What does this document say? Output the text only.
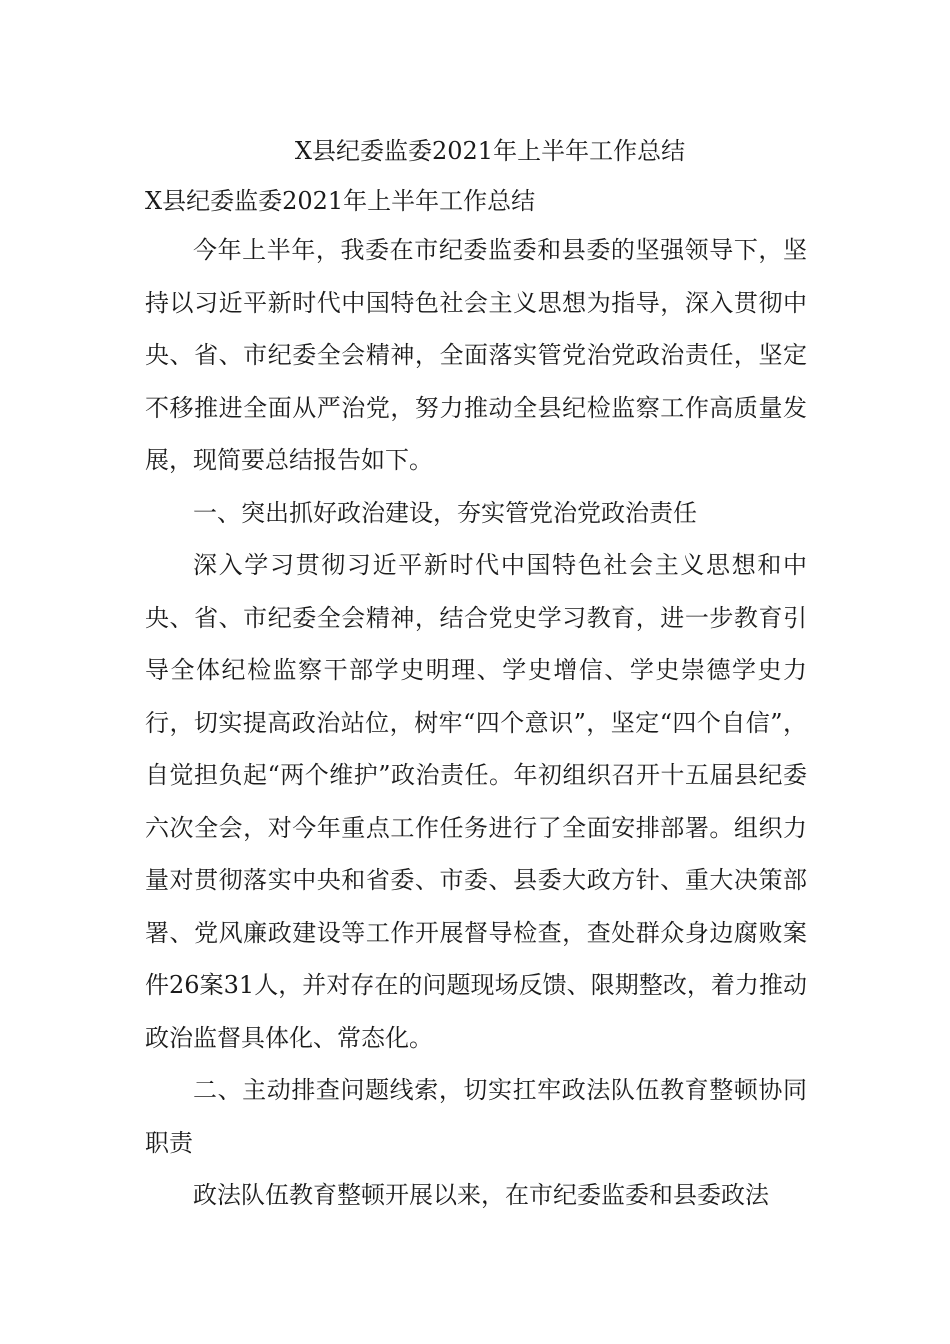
X县纪委监委2021年上半年工作总结
X县纪委监委2021年上半年工作总结

今年上半年，我委在市纪委监委和县委的坚强领导下，坚持以习近平新时代中国特色社会主义思想为指导，深入贯彻中央、省、市纪委全会精神，全面落实管党治党政治责任，坚定不移推进全面从严治党，努力推动全县纪检监察工作高质量发展，现简要总结报告如下。

一、突出抓好政治建设，夯实管党治党政治责任

深入学习贯彻习近平新时代中国特色社会主义思想和中央、省、市纪委全会精神，结合党史学习教育，进一步教育引导全体纪检监察干部学史明理、学史增信、学史崇德学史力行，切实提高政治站位，树牢“四个意识”，坚定“四个自信”，自觉担负起“两个维护”政治责任。年初组织召开十五届县纪委六次全会，对今年重点工作任务进行了全面安排部署。组织力量对贯彻落实中央和省委、市委、县委大政方针、重大决策部署、党风廉政建设等工作开展督导检查，查处群众身边腐败案件26案31人，并对存在的问题现场反馈、限期整改，着力推动政治监督具体化、常态化。

二、主动排查问题线索，切实扛牢政法队伍教育整顿协同职责

政法队伍教育整顿开展以来，在市纪委监委和县委政法
